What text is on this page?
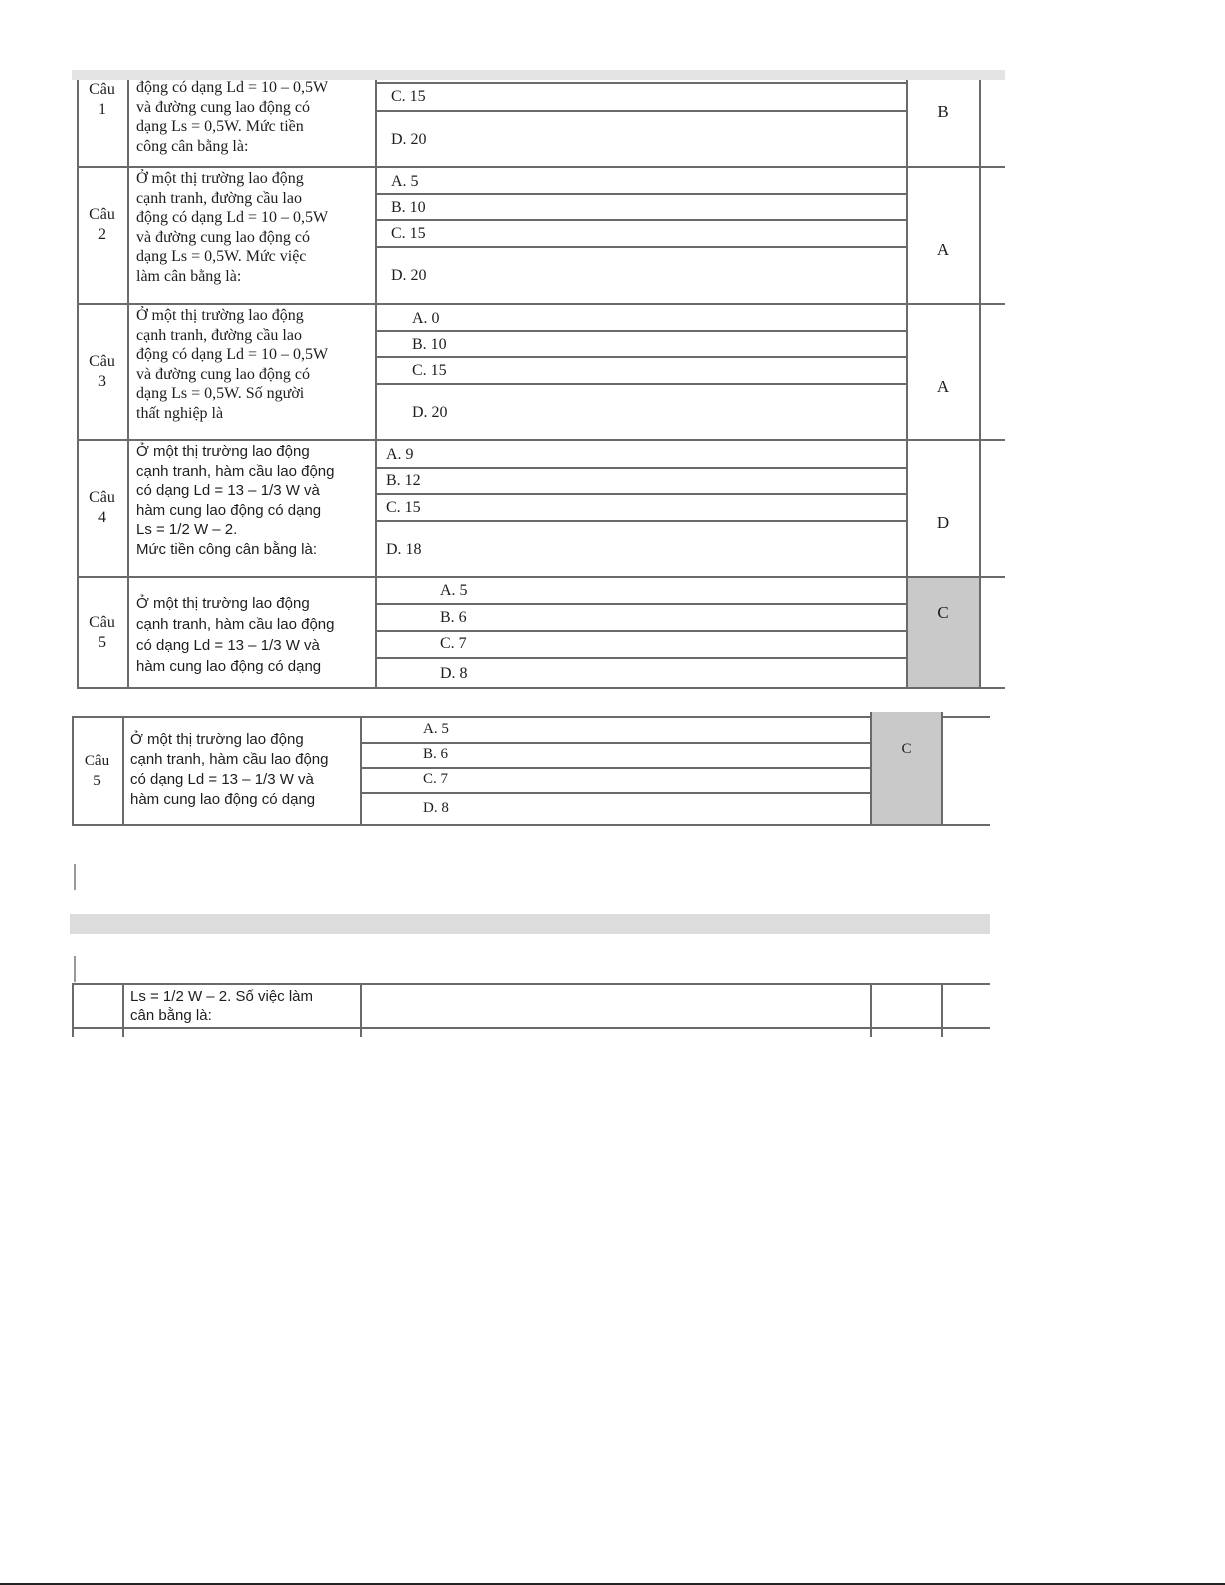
Câu
1
động có dạng Ld = 10 – 0,5W
và đường cung lao động có
dạng Ls = 0,5W. Mức tiền
công cân bằng là:
C. 15
D. 20
B
Câu
2
Ở một thị trường lao động
cạnh tranh, đường cầu lao
động có dạng Ld = 10 – 0,5W
và đường cung lao động có
dạng Ls = 0,5W. Mức việc
làm cân bằng là:
A. 5
B. 10
C. 15
D. 20
A
Câu
3
Ở một thị trường lao động
cạnh tranh, đường cầu lao
động có dạng Ld = 10 – 0,5W
và đường cung lao động có
dạng Ls = 0,5W. Số người
thất nghiệp là
A. 0
B. 10
C. 15
D. 20
A
Câu
4
Ở một thị trường lao động
cạnh tranh, hàm cầu lao động
có dạng Ld = 13 – 1/3 W và
hàm cung lao động có dạng
Ls = 1/2 W – 2.
Mức tiền công cân bằng là:
A. 9
B. 12
C. 15
D. 18
D
Câu
5
Ở một thị trường lao động
cạnh tranh, hàm cầu lao động
có dạng Ld = 13 – 1/3 W và
hàm cung lao động có dạng
A. 5
B. 6
C. 7
D. 8
C
Câu
5
Ở một thị trường lao động
cạnh tranh, hàm cầu lao động
có dạng Ld = 13 – 1/3 W và
hàm cung lao động có dạng
A. 5
B. 6
C. 7
D. 8
C
Ls = 1/2 W – 2. Số việc làm
cân bằng là:
